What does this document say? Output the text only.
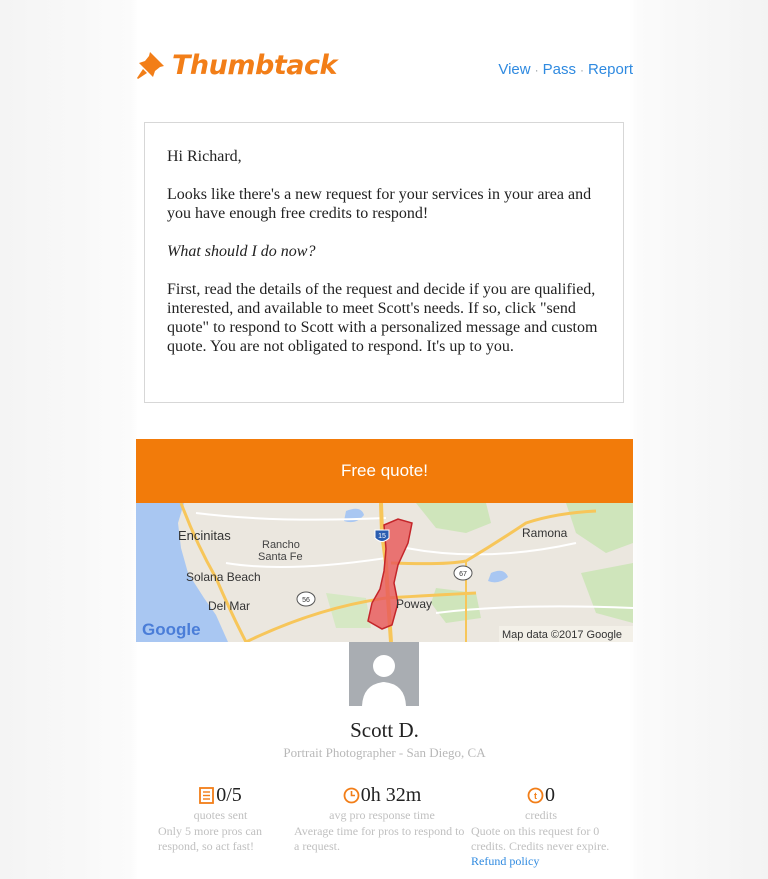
Thumbtack	View · Pass · Report

Hi Richard,

Looks like there's a new request for your services in your area and you have enough free credits to respond!

What should I do now?

First, read the details of the request and decide if you are qualified, interested, and available to meet Scott's needs. If so, click "send quote" to respond to Scott with a personalized message and custom quote. You are not obligated to respond. It's up to you.

Free quote!
15
56
67
Encinitas
Rancho
Santa Fe
Solana Beach
Del Mar	Poway
Ramona
Google	Map data ©2017 Google
Scott D.
Portrait Photographer - San Diego, CA
0/5
quotes sent
Only 5 more pros can respond, so act fast!
0h 32m
avg pro response time
Average time for pros to respond to a request.
t 0
credits
Quote on this request for 0 credits. Credits never expire. Refund policy
